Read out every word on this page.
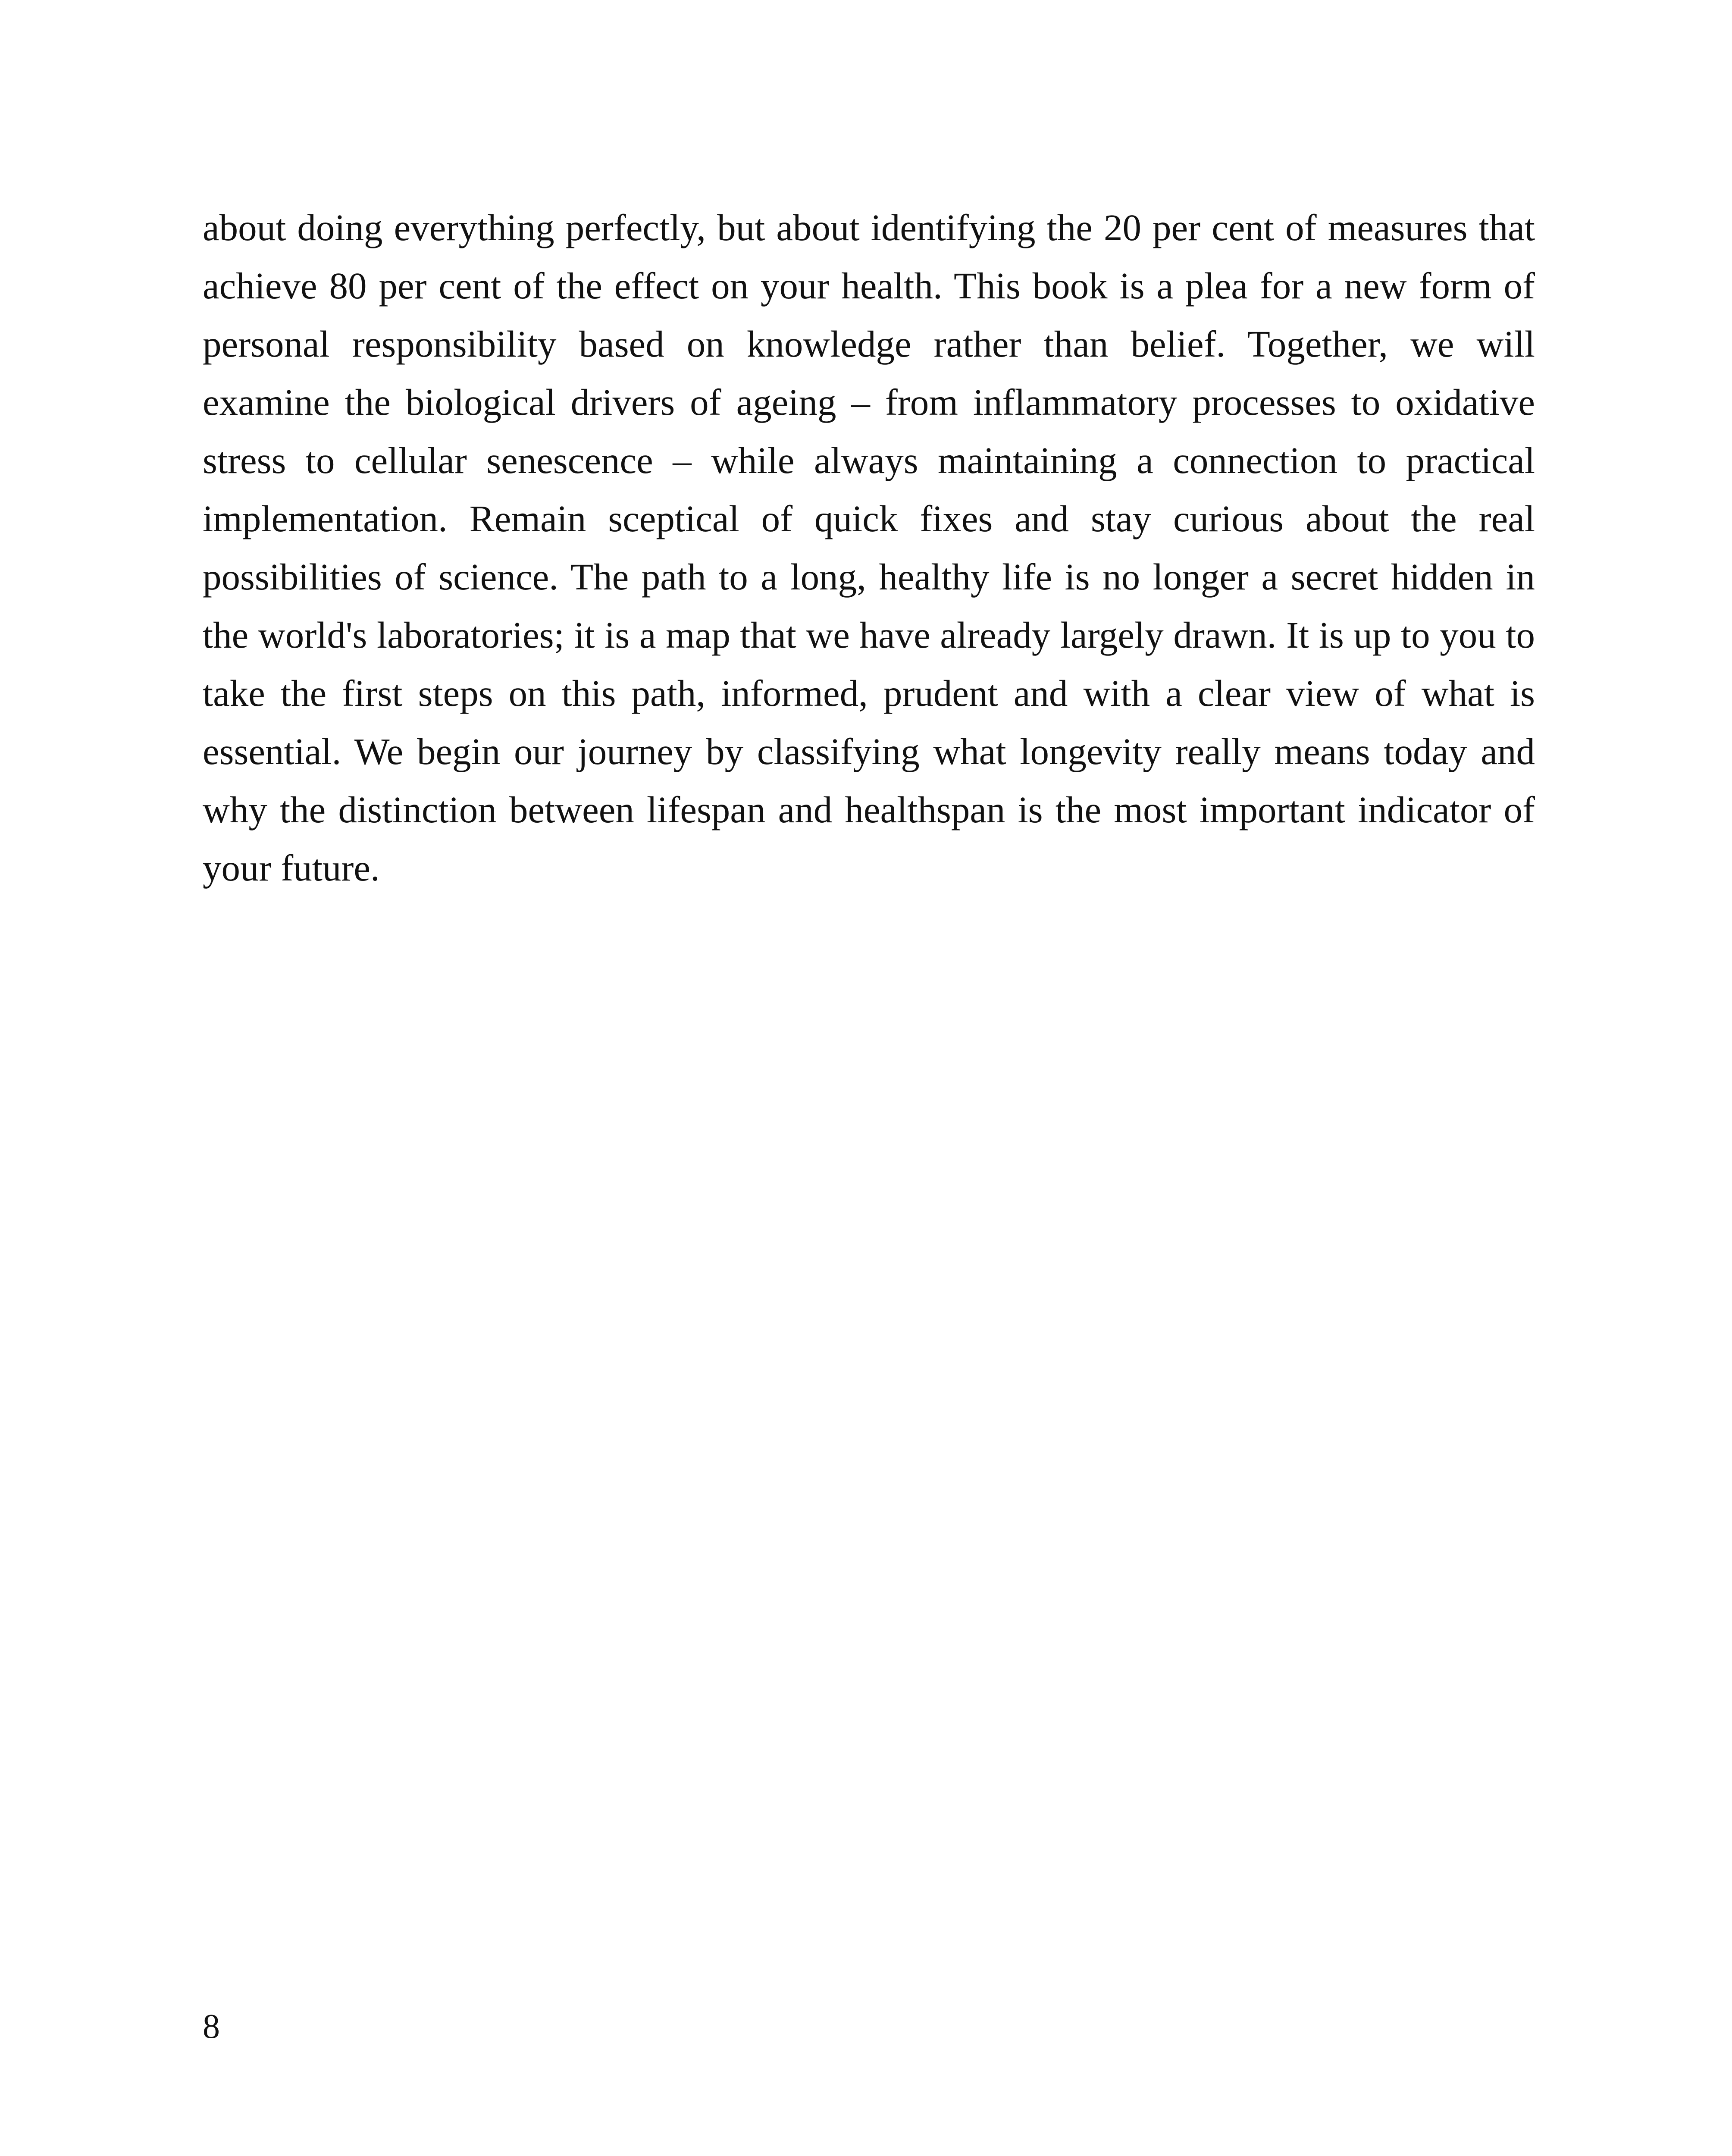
about doing everything perfectly, but about identifying the 20 per cent of measures that achieve 80 per cent of the effect on your health. This book is a plea for a new form of personal responsibility based on knowledge rather than belief. Together, we will examine the biological drivers of ageing – from inflammatory processes to oxidative stress to cellular senescence – while always maintaining a connection to practical implementation. Remain sceptical of quick fixes and stay curious about the real possibilities of science. The path to a long, healthy life is no longer a secret hidden in the world's laboratories; it is a map that we have already largely drawn. It is up to you to take the first steps on this path, informed, prudent and with a clear view of what is essential. We begin our journey by classifying what longevity really means today and why the distinction between lifespan and healthspan is the most important indicator of your future.

8
